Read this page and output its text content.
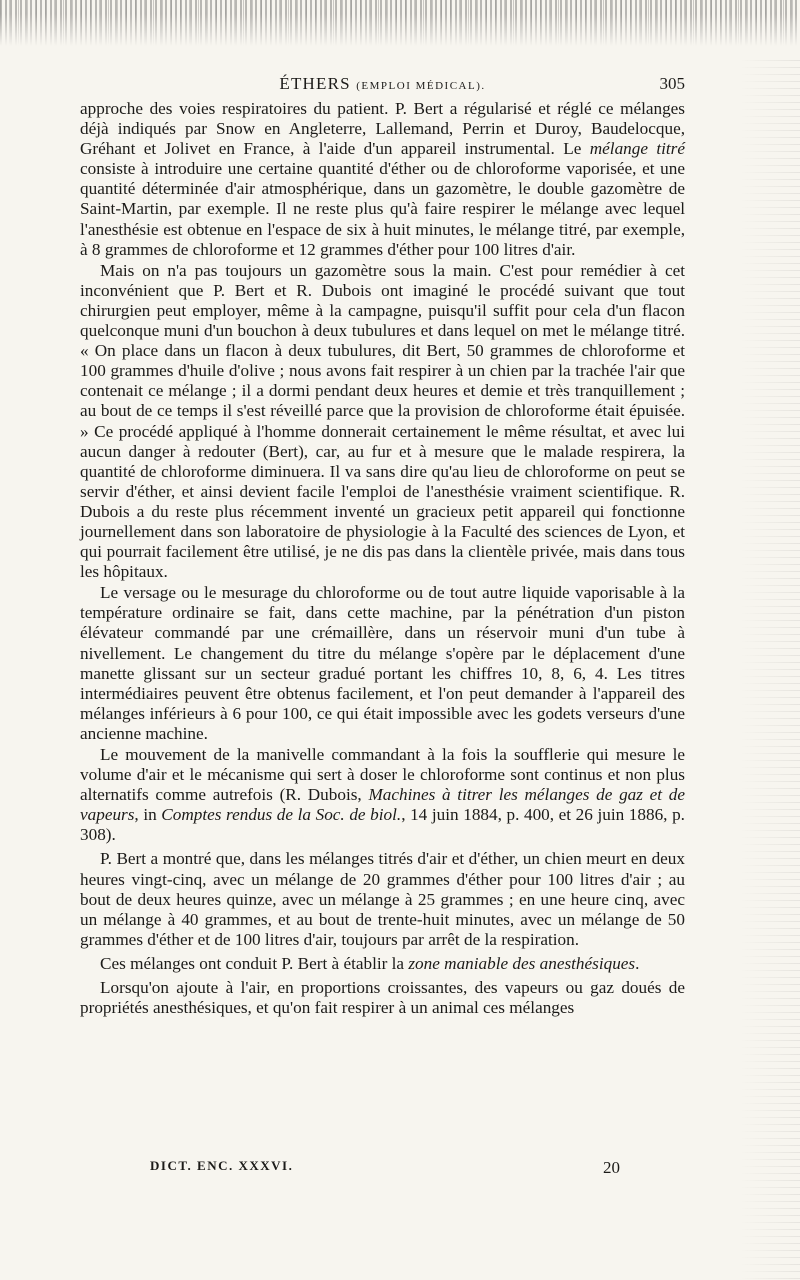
ÉTHERS (EMPLOI MÉDICAL).	305

approche des voies respiratoires du patient. P. Bert a régularisé et réglé ce mélanges déjà indiqués par Snow en Angleterre, Lallemand, Perrin et Duroy, Baudelocque, Gréhant et Jolivet en France, à l'aide d'un appareil instrumental. Le mélange titré consiste à introduire une certaine quantité d'éther ou de chloroforme vaporisée, et une quantité déterminée d'air atmosphérique, dans un gazomètre, le double gazomètre de Saint-Martin, par exemple. Il ne reste plus qu'à faire respirer le mélange avec lequel l'anesthésie est obtenue en l'espace de six à huit minutes, le mélange titré, par exemple, à 8 grammes de chloroforme et 12 grammes d'éther pour 100 litres d'air.

Mais on n'a pas toujours un gazomètre sous la main. C'est pour remédier à cet inconvénient que P. Bert et R. Dubois ont imaginé le procédé suivant que tout chirurgien peut employer, même à la campagne, puisqu'il suffit pour cela d'un flacon quelconque muni d'un bouchon à deux tubulures et dans lequel on met le mélange titré. « On place dans un flacon à deux tubulures, dit Bert, 50 grammes de chloroforme et 100 grammes d'huile d'olive ; nous avons fait respirer à un chien par la trachée l'air que contenait ce mélange ; il a dormi pendant deux heures et demie et très tranquillement ; au bout de ce temps il s'est réveillé parce que la provision de chloroforme était épuisée. » Ce procédé appliqué à l'homme donnerait certainement le même résultat, et avec lui aucun danger à redouter (Bert), car, au fur et à mesure que le malade respirera, la quantité de chloroforme diminuera. Il va sans dire qu'au lieu de chloroforme on peut se servir d'éther, et ainsi devient facile l'emploi de l'anesthésie vraiment scientifique. R. Dubois a du reste plus récemment inventé un gracieux petit appareil qui fonctionne journellement dans son laboratoire de physiologie à la Faculté des sciences de Lyon, et qui pourrait facilement être utilisé, je ne dis pas dans la clientèle privée, mais dans tous les hôpitaux.

Le versage ou le mesurage du chloroforme ou de tout autre liquide vaporisable à la température ordinaire se fait, dans cette machine, par la pénétration d'un piston élévateur commandé par une crémaillère, dans un réservoir muni d'un tube à nivellement. Le changement du titre du mélange s'opère par le déplacement d'une manette glissant sur un secteur gradué portant les chiffres 10, 8, 6, 4. Les titres intermédiaires peuvent être obtenus facilement, et l'on peut demander à l'appareil des mélanges inférieurs à 6 pour 100, ce qui était impossible avec les godets verseurs d'une ancienne machine.

Le mouvement de la manivelle commandant à la fois la soufflerie qui mesure le volume d'air et le mécanisme qui sert à doser le chloroforme sont continus et non plus alternatifs comme autrefois (R. Dubois, Machines à titrer les mélanges de gaz et de vapeurs, in Comptes rendus de la Soc. de biol., 14 juin 1884, p. 400, et 26 juin 1886, p. 308).

P. Bert a montré que, dans les mélanges titrés d'air et d'éther, un chien meurt en deux heures vingt-cinq, avec un mélange de 20 grammes d'éther pour 100 litres d'air ; au bout de deux heures quinze, avec un mélange à 25 grammes ; en une heure cinq, avec un mélange à 40 grammes, et au bout de trente-huit minutes, avec un mélange de 50 grammes d'éther et de 100 litres d'air, toujours par arrêt de la respiration.

Ces mélanges ont conduit P. Bert à établir la zone maniable des anesthésiques.

Lorsqu'on ajoute à l'air, en proportions croissantes, des vapeurs ou gaz doués de propriétés anesthésiques, et qu'on fait respirer à un animal ces mélanges

DICT. ENC. XXXVI.	20
